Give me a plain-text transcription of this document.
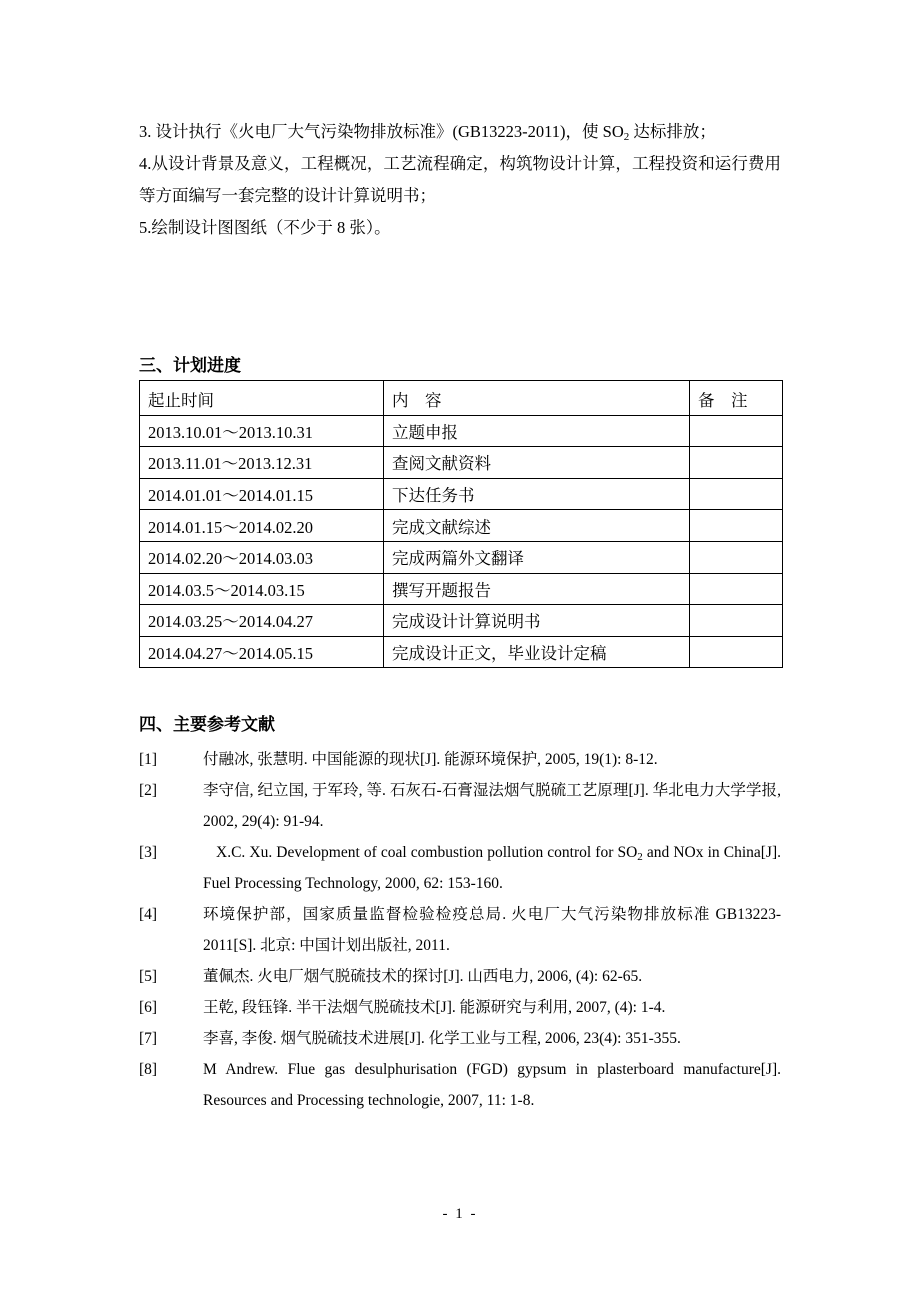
3. 设计执行《火电厂大气污染物排放标准》(GB13223-2011)，使 $SO_2$ 达标排放；

4.从设计背景及意义，工程概况，工艺流程确定，构筑物设计计算，工程投资和运行费用等方面编写一套完整的设计计算说明书；

5.绘制设计图图纸（不少于 8 张）。

三、计划进度
起止时间	内　容	备　注
2013.10.01～2013.10.31	立题申报	
2013.11.01～2013.12.31	查阅文献资料	
2014.01.01～2014.01.15	下达任务书	
2014.01.15～2014.02.20	完成文献综述	
2014.02.20～2014.03.03	完成两篇外文翻译	
2014.03.5～2014.03.15	撰写开题报告	
2014.03.25～2014.04.27	完成设计计算说明书	
2014.04.27～2014.05.15	完成设计正文，毕业设计定稿	
四、主要参考文献
[1]	付融冰, 张慧明. 中国能源的现状[J]. 能源环境保护, 2005, 19(1): 8-12.
[2]	李守信, 纪立国, 于军玲, 等. 石灰石-石膏湿法烟气脱硫工艺原理[J]. 华北电力大学学报, 2002, 29(4): 91-94.
[3]	X.C. Xu. Development of coal combustion pollution control for $SO_2$ and NOx in China[J]. Fuel Processing Technology, 2000, 62: 153-160.
[4]	环境保护部，国家质量监督检验检疫总局. 火电厂大气污染物排放标准 GB13223-2011[S]. 北京: 中国计划出版社, 2011.
[5]	董佩杰. 火电厂烟气脱硫技术的探讨[J]. 山西电力, 2006, (4): 62-65.
[6]	王乾, 段钰锋. 半干法烟气脱硫技术[J]. 能源研究与利用, 2007, (4): 1-4.
[7]	李喜, 李俊. 烟气脱硫技术进展[J]. 化学工业与工程, 2006, 23(4): 351-355.
[8]	M Andrew. Flue gas desulphurisation (FGD) gypsum in plasterboard manufacture[J]. Resources and Processing technologie, 2007, 11: 1-8.
- 1 -
